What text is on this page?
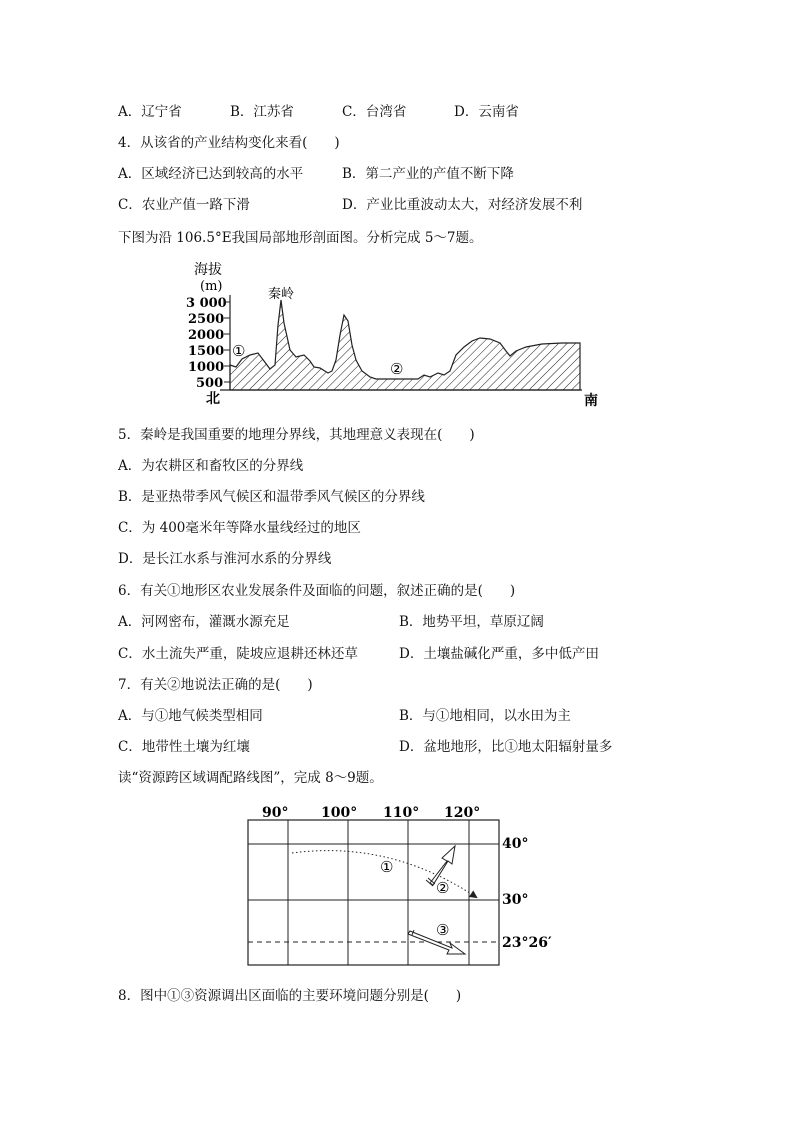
A．辽宁省	B．江苏省	C．台湾省	D．云南省
4．从该省的产业结构变化来看(　　)
A．区域经济已达到较高的水平	B．第二产业的产值不断下降
C．农业产值一路下滑	D．产业比重波动太大，对经济发展不利
下图为沿 106.5°E我国局部地形剖面图。分析完成 5～7题。
海拔
(m)
3 000
2500
2000
1500
1000
500
秦岭
①
②
北	南
5．秦岭是我国重要的地理分界线，其地理意义表现在(　　)
A．为农耕区和畜牧区的分界线
B．是亚热带季风气候区和温带季风气候区的分界线
C．为 400毫米年等降水量线经过的地区
D．是长江水系与淮河水系的分界线
6．有关①地形区农业发展条件及面临的问题，叙述正确的是(　　)
A．河网密布，灌溉水源充足	B．地势平坦，草原辽阔
C．水土流失严重，陡坡应退耕还林还草	D．土壤盐碱化严重，多中低产田
7．有关②地说法正确的是(　　)
A．与①地气候类型相同	B．与①地相同，以水田为主
C．地带性土壤为红壤	D．盆地地形，比①地太阳辐射量多
读“资源跨区域调配路线图”，完成 8～9题。
90° 100° 110° 120°
40°
30°
23°26′
①
②
③
8．图中①③资源调出区面临的主要环境问题分别是(　　)
